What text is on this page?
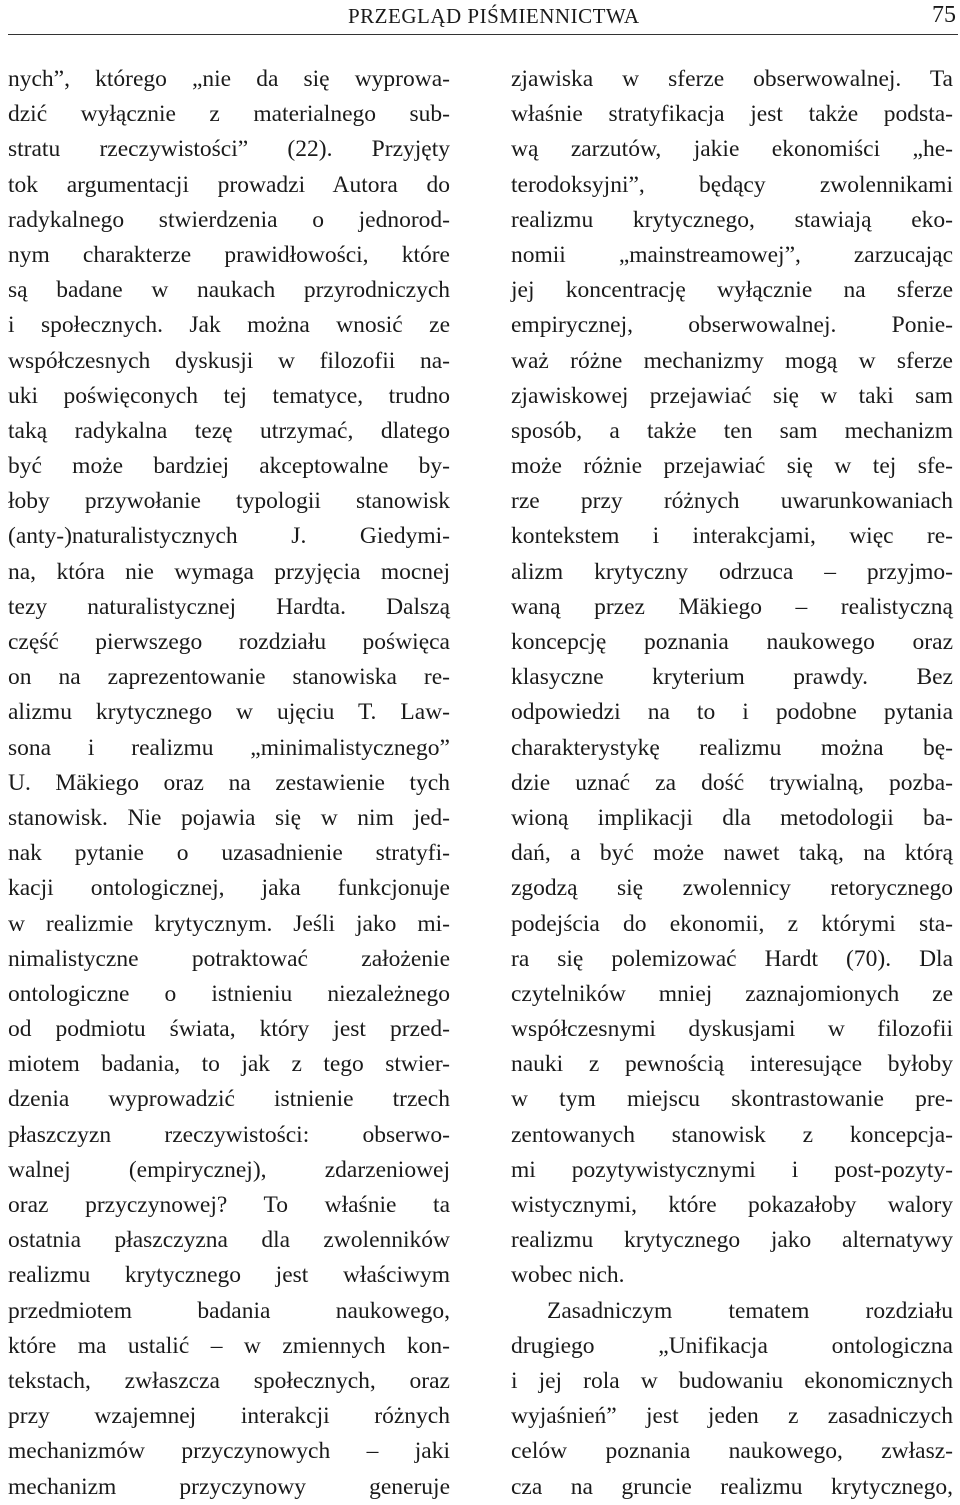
PRZEGLĄD PIŚMIENNICTWA	75
nych”, którego „nie da się wyprowa-
dzić wyłącznie z materialnego sub-
stratu rzeczywistości” (22). Przyjęty
tok argumentacji prowadzi Autora do
radykalnego stwierdzenia o jednorod-
nym charakterze prawidłowości, które
są badane w naukach przyrodniczych
i społecznych. Jak można wnosić ze
współczesnych dyskusji w filozofii na-
uki poświęconych tej tematyce, trudno
taką radykalna tezę utrzymać, dlatego
być może bardziej akceptowalne by-
łoby przywołanie typologii stanowisk
(anty-)naturalistycznych J. Giedymi-
na, która nie wymaga przyjęcia mocnej
tezy naturalistycznej Hardta. Dalszą
część pierwszego rozdziału poświęca
on na zaprezentowanie stanowiska re-
alizmu krytycznego w ujęciu T. Law-
sona i realizmu „minimalistycznego”
U. Mäkiego oraz na zestawienie tych
stanowisk. Nie pojawia się w nim jed-
nak pytanie o uzasadnienie stratyfi-
kacji ontologicznej, jaka funkcjonuje
w realizmie krytycznym. Jeśli jako mi-
nimalistyczne potraktować założenie
ontologiczne o istnieniu niezależnego
od podmiotu świata, który jest przed-
miotem badania, to jak z tego stwier-
dzenia wyprowadzić istnienie trzech
płaszczyzn rzeczywistości: obserwo-
walnej (empirycznej), zdarzeniowej
oraz przyczynowej? To właśnie ta
ostatnia płaszczyzna dla zwolenników
realizmu krytycznego jest właściwym
przedmiotem badania naukowego,
które ma ustalić – w zmiennych kon-
tekstach, zwłaszcza społecznych, oraz
przy wzajemnej interakcji różnych
mechanizmów przyczynowych – jaki
mechanizm przyczynowy generuje
zjawiska w sferze obserwowalnej. Ta
właśnie stratyfikacja jest także podsta-
wą zarzutów, jakie ekonomiści „he-
terodoksyjni”, będący zwolennikami
realizmu krytycznego, stawiają eko-
nomii „mainstreamowej”, zarzucając
jej koncentrację wyłącznie na sferze
empirycznej, obserwowalnej. Ponie-
waż różne mechanizmy mogą w sferze
zjawiskowej przejawiać się w taki sam
sposób, a także ten sam mechanizm
może różnie przejawiać się w tej sfe-
rze przy różnych uwarunkowaniach
kontekstem i interakcjami, więc re-
alizm krytyczny odrzuca – przyjmo-
waną przez Mäkiego – realistyczną
koncepcję poznania naukowego oraz
klasyczne kryterium prawdy. Bez
odpowiedzi na to i podobne pytania
charakterystykę realizmu można bę-
dzie uznać za dość trywialną, pozba-
wioną implikacji dla metodologii ba-
dań, a być może nawet taką, na którą
zgodzą się zwolennicy retorycznego
podejścia do ekonomii, z którymi sta-
ra się polemizować Hardt (70). Dla
czytelników mniej zaznajomionych ze
współczesnymi dyskusjami w filozofii
nauki z pewnością interesujące byłoby
w tym miejscu skontrastowanie pre-
zentowanych stanowisk z koncepcja-
mi pozytywistycznymi i post-pozyty-
wistycznymi, które pokazałoby walory
realizmu krytycznego jako alternatywy
wobec nich.
Zasadniczym tematem rozdziału
drugiego „Unifikacja ontologiczna
i jej rola w budowaniu ekonomicznych
wyjaśnień” jest jeden z zasadniczych
celów poznania naukowego, zwłasz-
cza na gruncie realizmu krytycznego,
